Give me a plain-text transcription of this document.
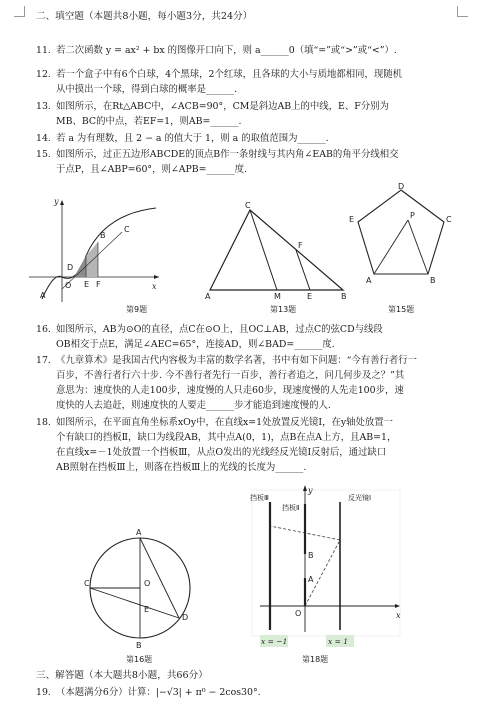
二、填空题（本题共8小题，每小题3分，共24分）
11. 若二次函数 y = ax² + bx 的图像开口向下，则 a______0（填“=”或“>”或“<”）.
12. 若一个盒子中有6个白球，4个黑球，2个红球，且各球的大小与质地都相同，现随机
从中摸出一个球，得到白球的概率是______.
13. 如图所示，在Rt△ABC中，∠ACB=90°，CM是斜边AB上的中线，E、F分别为
MB、BC的中点，若EF=1，则AB=______.
14. 若 a 为有理数，且 2 − a 的值大于 1，则 a 的取值范围为______.
15. 如图所示，过正五边形ABCDE的顶点B作一条射线与其内角∠EAB的角平分线相交
于点P，且∠ABP=60°，则∠APB=______度.
y
x
O
A
B
C
D
E F
A	B
C
M	E
F
A	B
C
D
E	P
第9题	第13题	第15题
16. 如图所示，AB为⊙O的直径，点C在⊙O上，且OC⊥AB，过点C的弦CD与线段
OB相交于点E，满足∠AEC=65°，连接AD，则∠BAD=______度.
17. 《九章算术》是我国古代内容极为丰富的数学名著，书中有如下问题：“今有善行者行一
百步，不善行者行六十步. 今不善行者先行一百步，善行者追之，问几何步及之？”其
意思为：速度快的人走100步，速度慢的人只走60步，现速度慢的人先走100步，速
度快的人去追赶，则速度快的人要走______步才能追到速度慢的人.
18. 如图所示，在平面直角坐标系xOy中，在直线x=1处放置反光镜Ⅰ，在y轴处放置一
个有缺口的挡板Ⅱ，缺口为线段AB，其中点A(0，1)，点B在点A上方，且AB=1，
在直线x=－1处放置一个挡板Ⅲ，从点O发出的光线经反光镜Ⅰ反射后，通过缺口
AB照射在挡板Ⅲ上，则落在挡板Ⅲ上的光线的长度为______.
A
B
C
D
E
O
y
x
O
A
B
挡板Ⅲ
挡板Ⅱ
反光镜Ⅰ
x = −1	x = 1
第16题	第18题
三、解答题（本大题共8小题，共66分）
19. （本题满分6分）计算：|−√3| + π⁰ − 2cos30°.
